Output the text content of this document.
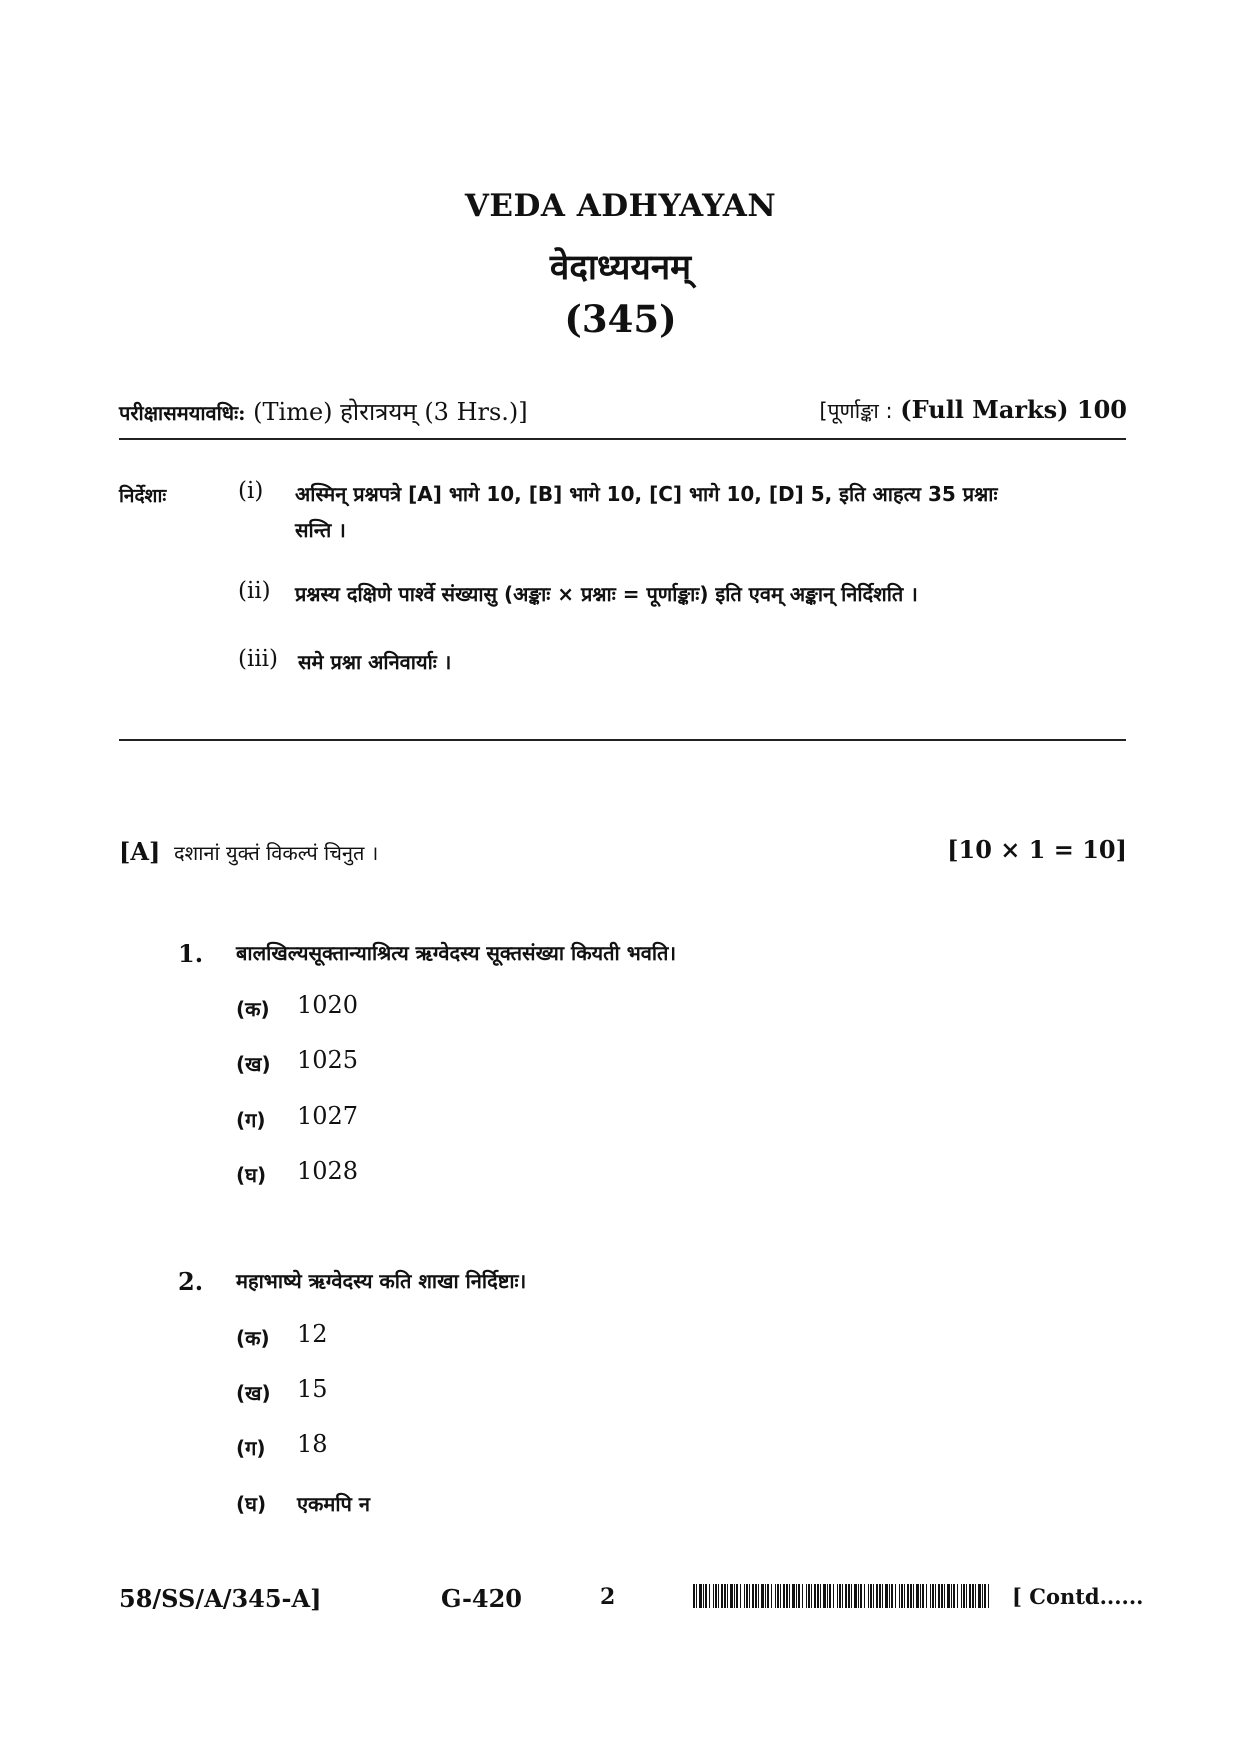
VEDA ADHYAYAN
वेदाध्ययनम्
(345)
परीक्षासमयावधिः: (Time) होरात्रयम् (3 Hrs.)]	[पूर्णाङ्का : (Full Marks) 100
निर्देशाः	(i) अस्मिन् प्रश्नपत्रे [A] भागे 10, [B] भागे 10, [C] भागे 10, [D] 5, इति आहत्य 35 प्रश्नाः
सन्ति ।
(ii) प्रश्नस्य दक्षिणे पार्श्वे संख्यासु (अङ्काः × प्रश्नाः = पूर्णाङ्काः) इति एवम् अङ्कान् निर्दिशति ।
(iii) समे प्रश्ना अनिवार्याः ।
[A] दशानां युक्तं विकल्पं चिनुत ।	[10 × 1 = 10]
1. बालखिल्यसूक्तान्याश्रित्य ऋग्वेदस्य सूक्तसंख्या कियती भवति।
(क) 1020
(ख) 1025
(ग) 1027
(घ) 1028
2. महाभाष्ये ऋग्वेदस्य कति शाखा निर्दिष्टाः।
(क) 12
(ख) 15
(ग) 18
(घ) एकमपि न
58/SS/A/345-A]	G-420	2	[ Contd......
